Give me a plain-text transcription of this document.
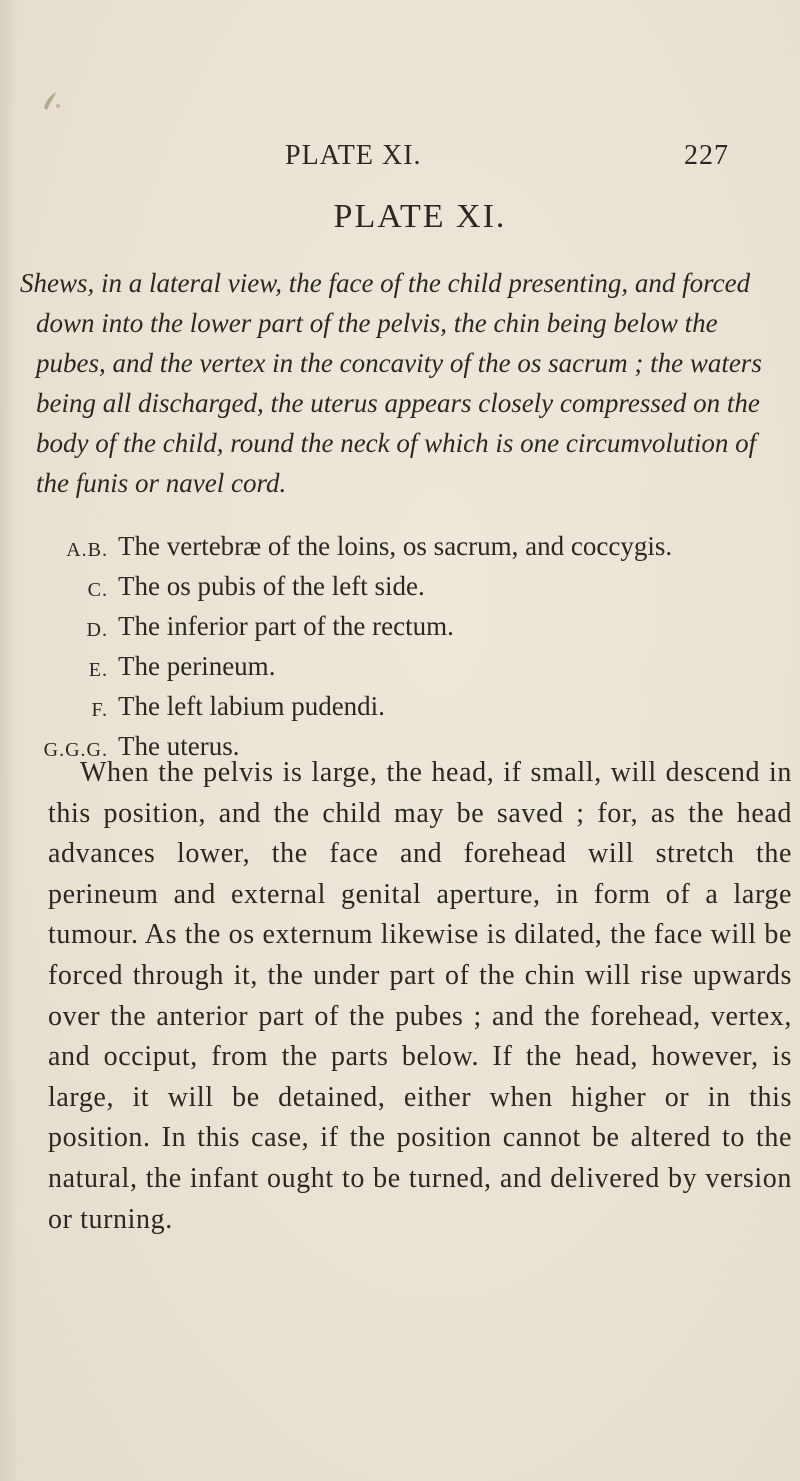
PLATE XI.	227
PLATE XI.

Shews, in a lateral view, the face of the child presenting, and forced down into the lower part of the pelvis, the chin being below the pubes, and the vertex in the concavity of the os sacrum ; the waters being all discharged, the uterus appears closely compressed on the body of the child, round the neck of which is one circumvolution of the funis or navel cord.

A.B. The vertebræ of the loins, os sacrum, and coccygis.
C. The os pubis of the left side.
D. The inferior part of the rectum.
E. The perineum.
F. The left labium pudendi.
G.G.G. The uterus.

When the pelvis is large, the head, if small, will descend in this position, and the child may be saved ; for, as the head advances lower, the face and forehead will stretch the perineum and external genital aperture, in form of a large tumour. As the os externum likewise is dilated, the face will be forced through it, the under part of the chin will rise upwards over the anterior part of the pubes ; and the forehead, vertex, and occiput, from the parts below. If the head, however, is large, it will be detained, either when higher or in this position. In this case, if the position cannot be altered to the natural, the infant ought to be turned, and delivered by version or turning.
